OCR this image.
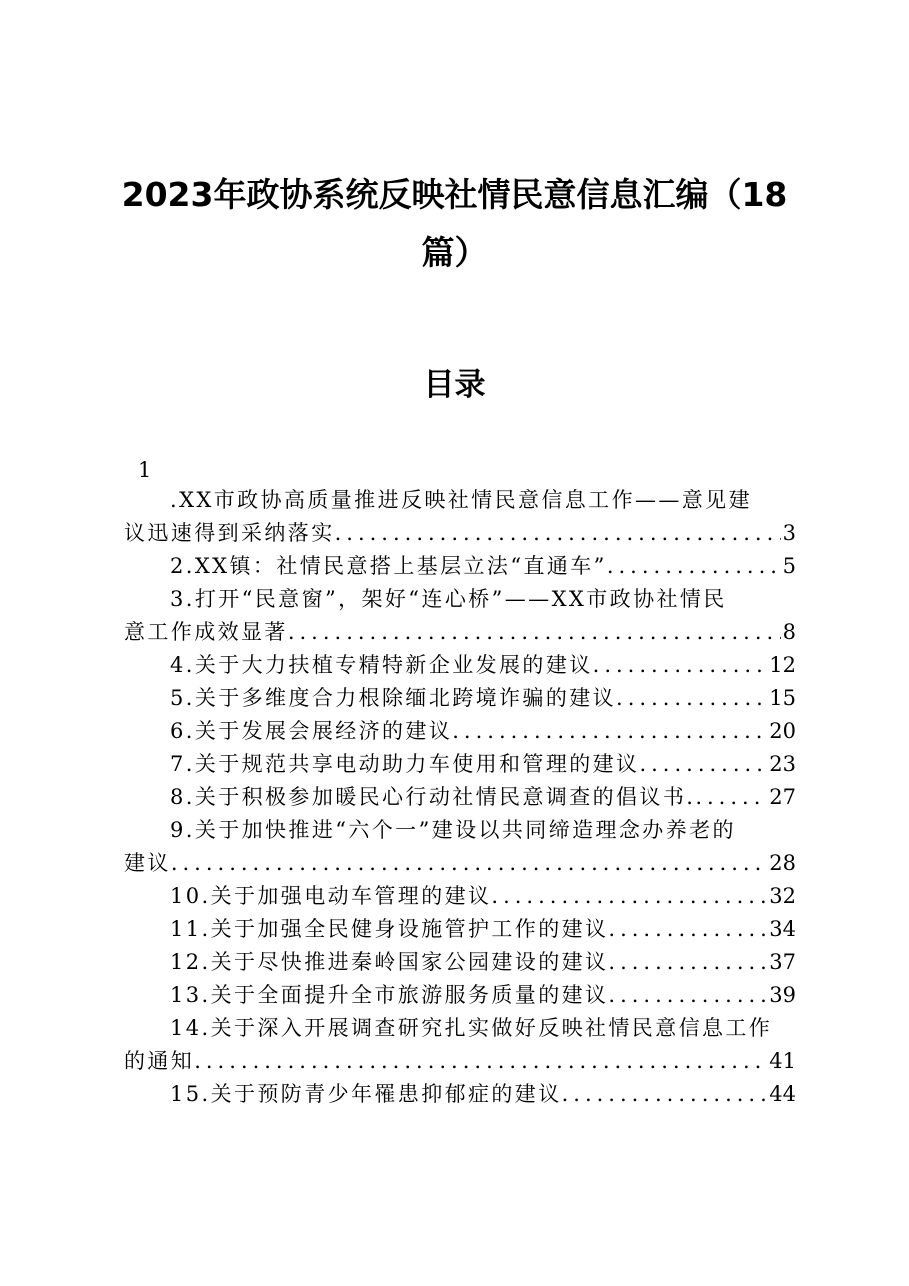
2023年政协系统反映社情民意信息汇编（18
篇）
目录
1
.XX市政协高质量推进反映社情民意信息工作——意见建
议迅速得到采纳落实 .....	3
2.XX镇：社情民意搭上基层立法“直通车” .....	5
3.打开“民意窗”，架好“连心桥”——XX市政协社情民
意工作成效显著 .....	8
4.关于大力扶植专精特新企业发展的建议 .....	12
5.关于多维度合力根除缅北跨境诈骗的建议 .....	15
6.关于发展会展经济的建议 .....	20
7.关于规范共享电动助力车使用和管理的建议 .....	23
8.关于积极参加暖民心行动社情民意调查的倡议书. .....	27
9.关于加快推进“六个一”建设以共同缔造理念办养老的
建议 .....	28
10.关于加强电动车管理的建议 .....	32
11.关于加强全民健身设施管护工作的建议 .....	34
12.关于尽快推进秦岭国家公园建设的建议 .....	37
13.关于全面提升全市旅游服务质量的建议 .....	39
14.关于深入开展调查研究扎实做好反映社情民意信息工作
的通知 .....	41
15.关于预防青少年罹患抑郁症的建议 .....	44
